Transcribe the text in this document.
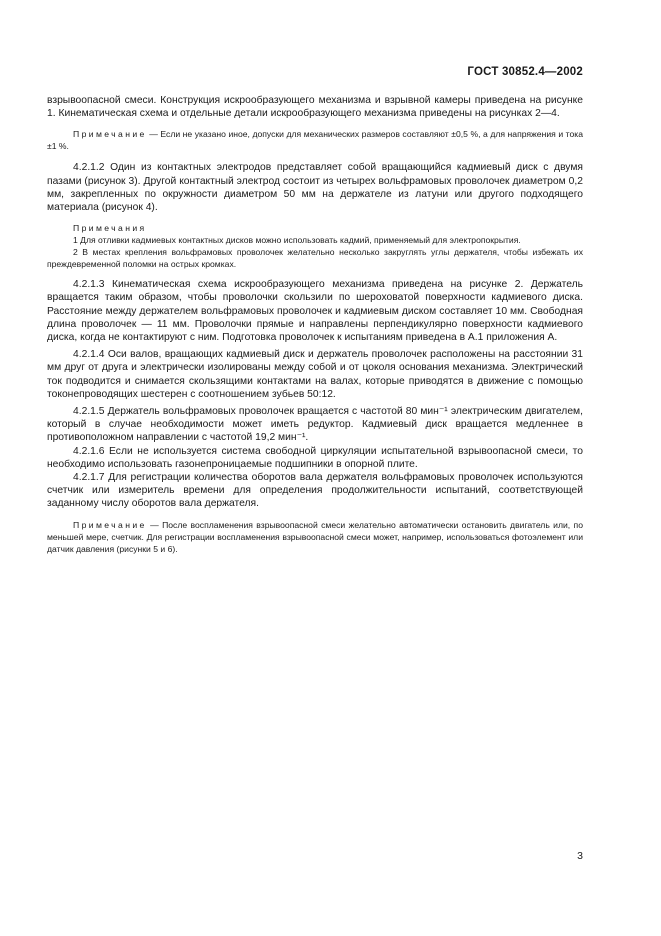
ГОСТ 30852.4—2002

взрывоопасной смеси. Конструкция искрообразующего механизма и взрывной камеры приведена на рисунке 1. Кинематическая схема и отдельные детали искрообразующего механизма приведены на рисунках 2—4.

Примечание — Если не указано иное, допуски для механических размеров составляют ±0,5 %, а для напряжения и тока ±1 %.

4.2.1.2 Один из контактных электродов представляет собой вращающийся кадмиевый диск с двумя пазами (рисунок 3). Другой контактный электрод состоит из четырех вольфрамовых проволочек диаметром 0,2 мм, закрепленных по окружности диаметром 50 мм на держателе из латуни или другого подходящего материала (рисунок 4).

Примечания

1 Для отливки кадмиевых контактных дисков можно использовать кадмий, применяемый для электропокрытия.

2 В местах крепления вольфрамовых проволочек желательно несколько закруглять углы держателя, чтобы избежать их преждевременной поломки на острых кромках.

4.2.1.3 Кинематическая схема искрообразующего механизма приведена на рисунке 2. Держатель вращается таким образом, чтобы проволочки скользили по шероховатой поверхности кадмиевого диска. Расстояние между держателем вольфрамовых проволочек и кадмиевым диском составляет 10 мм. Свободная длина проволочек — 11 мм. Проволочки прямые и направлены перпендикулярно поверхности кадмиевого диска, когда не контактируют с ним. Подготовка проволочек к испытаниям приведена в А.1 приложения А.

4.2.1.4 Оси валов, вращающих кадмиевый диск и держатель проволочек расположены на расстоянии 31 мм друг от друга и электрически изолированы между собой и от цоколя основания механизма. Электрический ток подводится и снимается скользящими контактами на валах, которые приводятся в движение с помощью токонепроводящих шестерен с соотношением зубьев 50:12.

4.2.1.5 Держатель вольфрамовых проволочек вращается с частотой 80 мин⁻¹ электрическим двигателем, который в случае необходимости может иметь редуктор. Кадмиевый диск вращается медленнее в противоположном направлении с частотой 19,2 мин⁻¹.

4.2.1.6 Если не используется система свободной циркуляции испытательной взрывоопасной смеси, то необходимо использовать газонепроницаемые подшипники в опорной плите.

4.2.1.7 Для регистрации количества оборотов вала держателя вольфрамовых проволочек используются счетчик или измеритель времени для определения продолжительности испытаний, соответствующей заданному числу оборотов вала держателя.

Примечание — После воспламенения взрывоопасной смеси желательно автоматически остановить двигатель или, по меньшей мере, счетчик. Для регистрации воспламенения взрывоопасной смеси может, например, использоваться фотоэлемент или датчик давления (рисунки 5 и 6).

3
